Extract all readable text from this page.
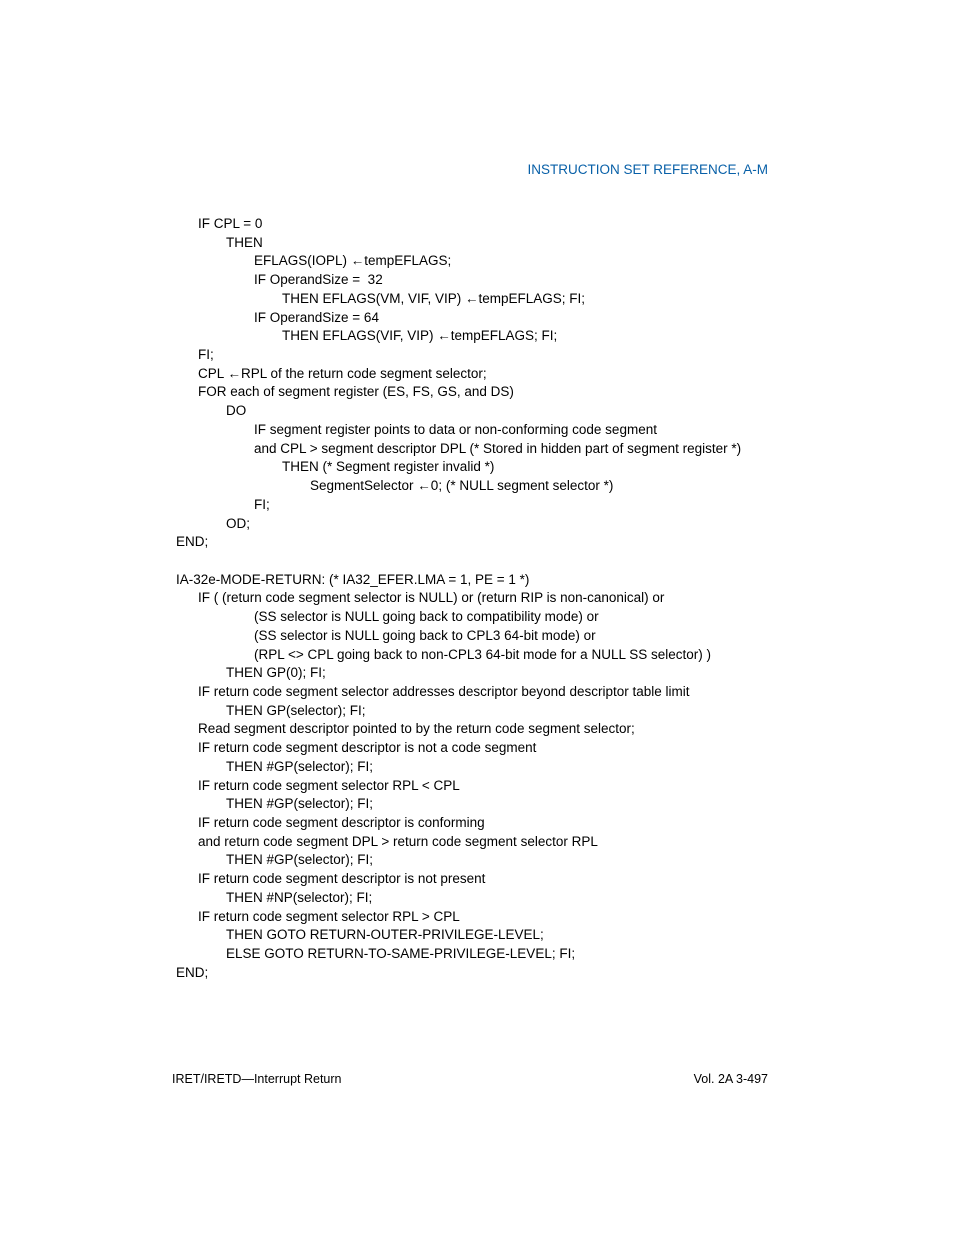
INSTRUCTION SET REFERENCE, A-M
IF CPL = 0
THEN
EFLAGS(IOPL) ←tempEFLAGS;
IF OperandSize =  32
THEN EFLAGS(VM, VIF, VIP) ←tempEFLAGS; FI;
IF OperandSize = 64
THEN EFLAGS(VIF, VIP) ←tempEFLAGS; FI;
FI;
CPL ←RPL of the return code segment selector;
FOR each of segment register (ES, FS, GS, and DS)
DO
IF segment register points to data or non-conforming code segment
and CPL > segment descriptor DPL (* Stored in hidden part of segment register *)
THEN (* Segment register invalid *)
SegmentSelector ←0; (* NULL segment selector *)
FI;
OD;
END;
IA-32e-MODE-RETURN: (* IA32_EFER.LMA = 1, PE = 1 *)
IF ( (return code segment selector is NULL) or (return RIP is non-canonical) or
(SS selector is NULL going back to compatibility mode) or
(SS selector is NULL going back to CPL3 64-bit mode) or
(RPL <> CPL going back to non-CPL3 64-bit mode for a NULL SS selector) )
THEN GP(0); FI;
IF return code segment selector addresses descriptor beyond descriptor table limit
THEN GP(selector); FI;
Read segment descriptor pointed to by the return code segment selector;
IF return code segment descriptor is not a code segment
THEN #GP(selector); FI;
IF return code segment selector RPL < CPL
THEN #GP(selector); FI;
IF return code segment descriptor is conforming
and return code segment DPL > return code segment selector RPL
THEN #GP(selector); FI;
IF return code segment descriptor is not present
THEN #NP(selector); FI;
IF return code segment selector RPL > CPL
THEN GOTO RETURN-OUTER-PRIVILEGE-LEVEL;
ELSE GOTO RETURN-TO-SAME-PRIVILEGE-LEVEL; FI;
END;
IRET/IRETD—Interrupt Return	Vol. 2A 3-497
